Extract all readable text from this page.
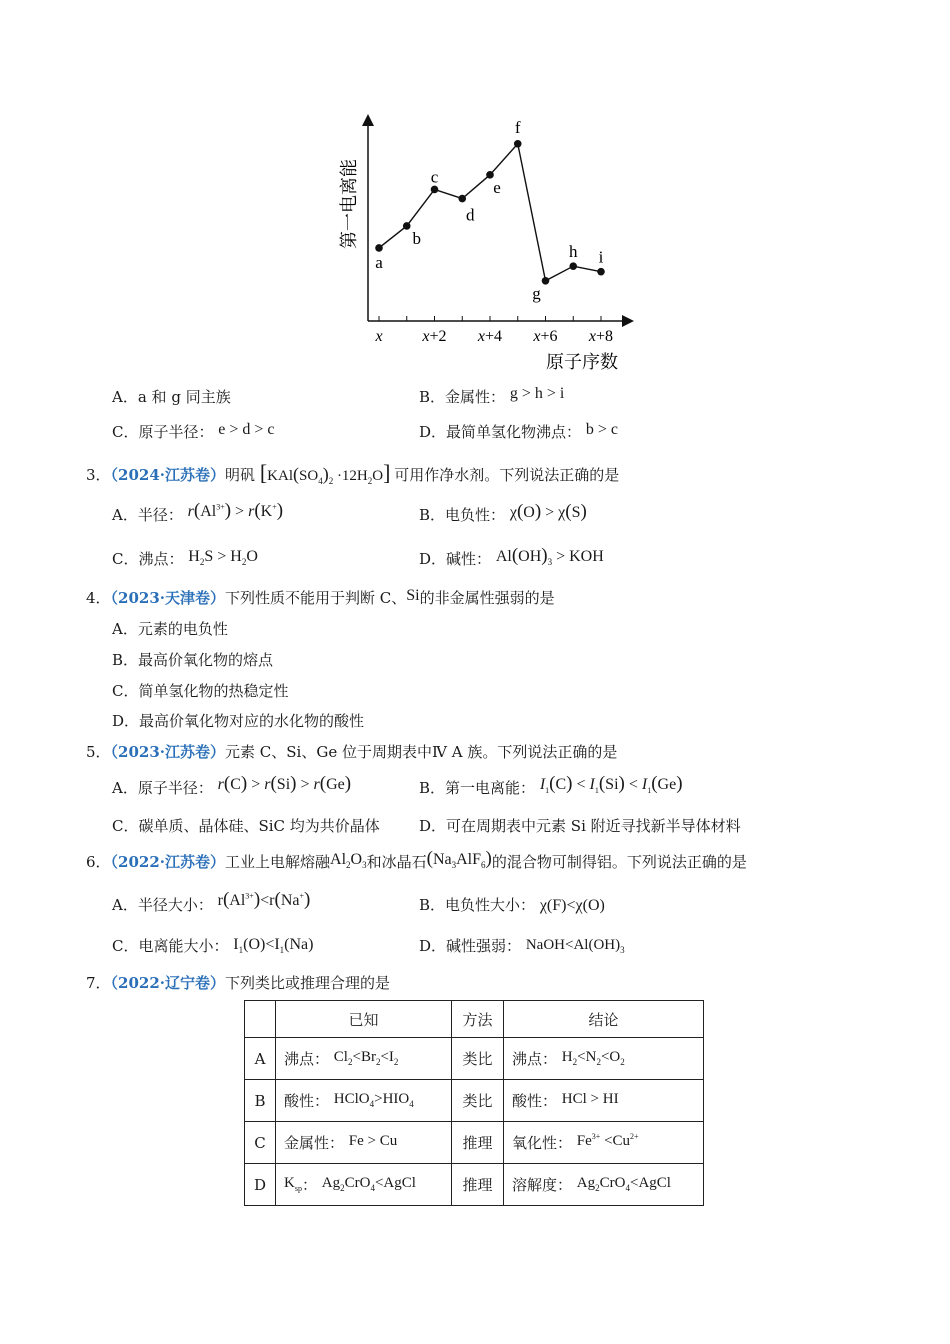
x x+2 x+4 x+6 x+8
原子序数
第一电离能
a
b
c
d
e
f
g
h i
A．a 和 g 同主族	B．金属性： g > h > i
C．原子半径： e > d > c	D．最简单氢化物沸点： b > c
3．（2024·江苏卷）明矾 $[KAl(SO_4)_2 \cdot 12H_2O]$ 可用作净水剂。下列说法正确的是
A．半径： $r(Al^{3+}) > r(K^+)$	B．电负性： χ(O) > χ(S)
C．沸点： $H_2S > H_2O$	D．碱性： $Al(OH)_3$ > KOH
4．（2023·天津卷）下列性质不能用于判断 C、Si的非金属性强弱的是
A．元素的电负性
B．最高价氧化物的熔点
C．简单氢化物的热稳定性
D．最高价氧化物对应的水化物的酸性
5．（2023·江苏卷）元素 C、Si、Ge 位于周期表中Ⅳ A 族。下列说法正确的是
A．原子半径： r(C) > r(Si) > r(Ge)	B．第一电离能： $I_1(C) < I_1(Si) < I_1(Ge)$
C．碳单质、晶体硅、SiC 均为共价晶体	D．可在周期表中元素 Si 附近寻找新半导体材料
6．（2022·江苏卷）工业上电解熔融$Al_2O_3$和冰晶石$(Na_3AlF_6)$的混合物可制得铝。下列说法正确的是
A．半径大小： $r(Al^{3+})<r(Na^+)$	B．电负性大小： χ(F)<χ(O)
C．电离能大小： $I_1(O)<I_1(Na)$	D．碱性强弱： $NaOH<Al(OH)_3$
7．（2022·辽宁卷）下列类比或推理合理的是
	已知	方法	结论
A	沸点： $Cl_2<Br_2<I_2$	类比	沸点： $H_2<N_2<O_2$
B	酸性： $HClO_4>HIO_4$	类比	酸性： HCl > HI
C	金属性： Fe > Cu	推理	氧化性： $Fe^{3+} <Cu^{2+}$
D	$K_{sp}$： $Ag_2CrO_4<AgCl$	推理	溶解度： $Ag_2CrO_4<AgCl$
